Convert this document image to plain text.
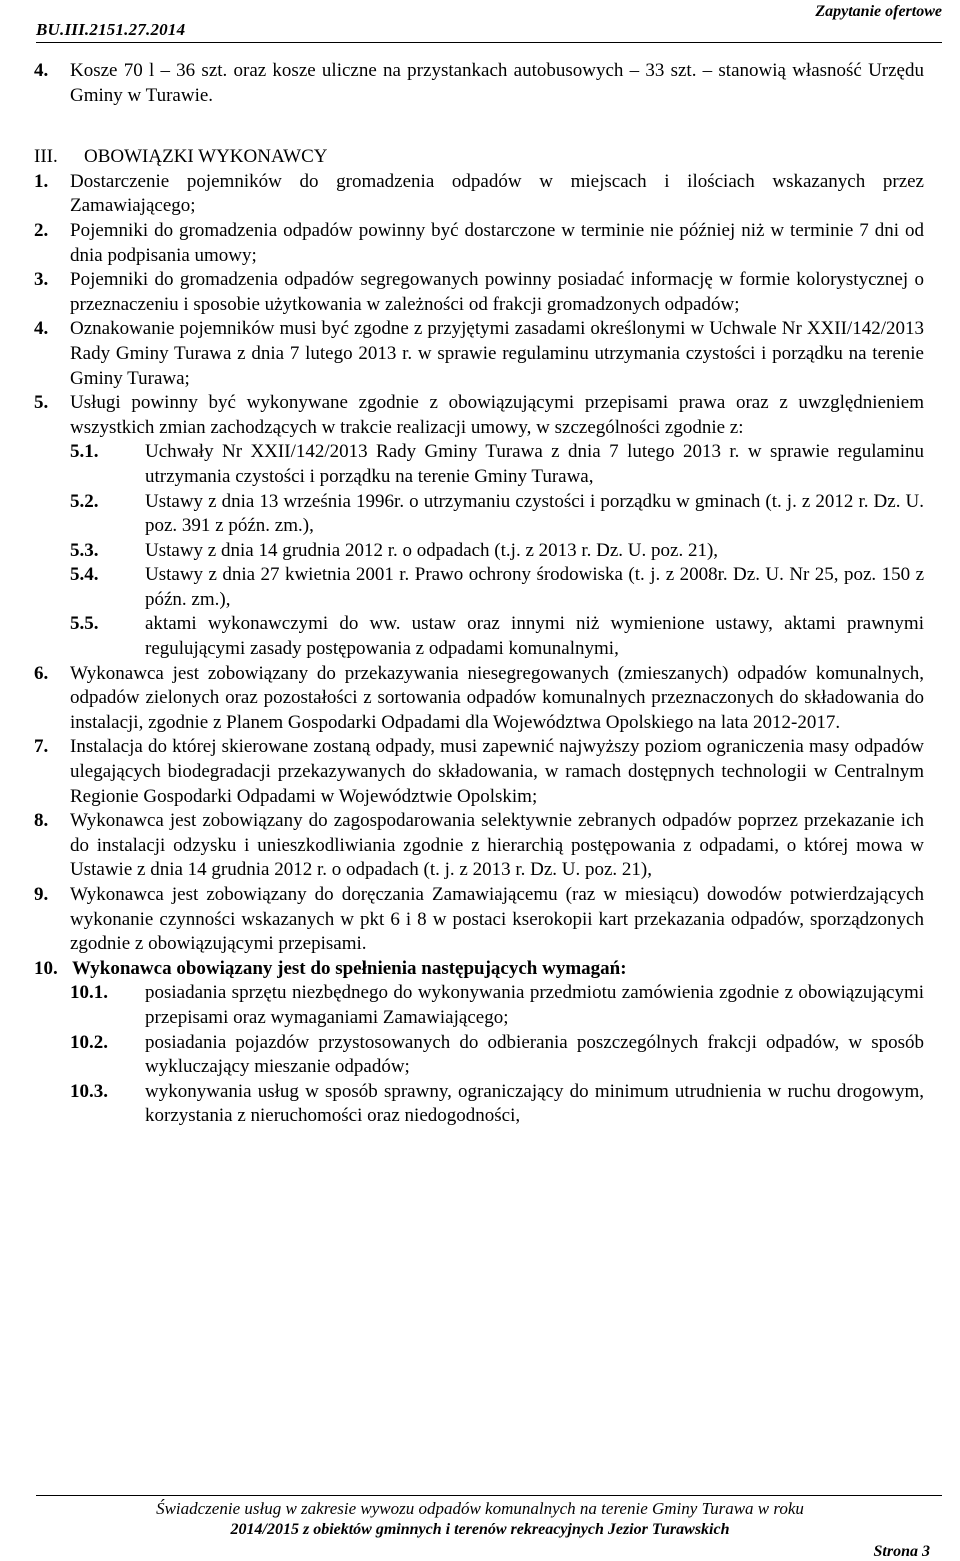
BU.III.2151.27.2014
Zapytanie ofertowe
4.	Kosze 70 l – 36 szt. oraz kosze uliczne na przystankach autobusowych – 33 szt. – stanowią własność Urzędu Gminy w Turawie.
III.	OBOWIĄZKI WYKONAWCY
1.	Dostarczenie pojemników do gromadzenia odpadów w miejscach i ilościach wskazanych przez Zamawiającego;
2.	Pojemniki do gromadzenia odpadów powinny być dostarczone w terminie nie później niż w terminie 7 dni od dnia podpisania umowy;
3.	Pojemniki do gromadzenia odpadów segregowanych powinny posiadać informację w formie kolorystycznej o przeznaczeniu i sposobie użytkowania w zależności od frakcji gromadzonych odpadów;
4.	Oznakowanie pojemników musi być zgodne z przyjętymi zasadami określonymi w Uchwale Nr XXII/142/2013 Rady Gminy Turawa z dnia 7 lutego 2013 r. w sprawie regulaminu utrzymania czystości i porządku na terenie Gminy Turawa;
5.	Usługi powinny być wykonywane zgodnie z obowiązującymi przepisami prawa oraz z uwzględnieniem wszystkich zmian zachodzących w trakcie realizacji umowy, w szczególności zgodnie z:
5.1.	Uchwały Nr XXII/142/2013 Rady Gminy Turawa z dnia 7 lutego 2013 r. w sprawie regulaminu utrzymania czystości i porządku na terenie Gminy Turawa,
5.2.	Ustawy z dnia 13 września 1996r. o utrzymaniu czystości i porządku w gminach (t. j. z 2012 r. Dz. U. poz. 391 z późn. zm.),
5.3.	Ustawy z dnia 14 grudnia 2012 r. o odpadach (t.j. z 2013 r. Dz. U. poz. 21),
5.4.	Ustawy z dnia 27 kwietnia 2001 r. Prawo ochrony środowiska (t. j. z 2008r. Dz. U. Nr 25, poz. 150 z późn. zm.),
5.5.	aktami wykonawczymi do ww. ustaw oraz innymi niż wymienione ustawy, aktami prawnymi regulującymi zasady postępowania z odpadami komunalnymi,
6.	Wykonawca jest zobowiązany do przekazywania niesegregowanych (zmieszanych) odpadów komunalnych, odpadów zielonych oraz pozostałości z sortowania odpadów komunalnych przeznaczonych do składowania do instalacji, zgodnie z Planem Gospodarki Odpadami dla Województwa Opolskiego na lata 2012-2017.
7.	Instalacja do której skierowane zostaną odpady, musi zapewnić najwyższy poziom ograniczenia masy odpadów ulegających biodegradacji przekazywanych do składowania, w ramach dostępnych technologii w Centralnym Regionie Gospodarki Odpadami w Województwie Opolskim;
8.	Wykonawca jest zobowiązany do zagospodarowania selektywnie zebranych odpadów poprzez przekazanie ich do instalacji odzysku i unieszkodliwiania zgodnie z hierarchią postępowania z odpadami, o której mowa w Ustawie z dnia 14 grudnia 2012 r. o odpadach (t. j. z 2013 r. Dz. U. poz. 21),
9.	Wykonawca jest zobowiązany do doręczania Zamawiającemu (raz w miesiącu) dowodów potwierdzających wykonanie czynności wskazanych w pkt 6 i 8 w postaci kserokopii kart przekazania odpadów, sporządzonych zgodnie z obowiązującymi przepisami.
10. Wykonawca obowiązany jest do spełnienia następujących wymagań:
10.1.	posiadania sprzętu niezbędnego do wykonywania przedmiotu zamówienia zgodnie z obowiązującymi przepisami oraz wymaganiami Zamawiającego;
10.2.	posiadania pojazdów przystosowanych do odbierania poszczególnych frakcji odpadów, w sposób wykluczający mieszanie odpadów;
10.3.	wykonywania usług w sposób sprawny, ograniczający do minimum utrudnienia w ruchu drogowym, korzystania z nieruchomości oraz niedogodności,
Świadczenie usług w zakresie wywozu odpadów komunalnych na terenie Gminy Turawa w roku
2014/2015 z obiektów gminnych i terenów rekreacyjnych Jezior Turawskich
Strona 3
